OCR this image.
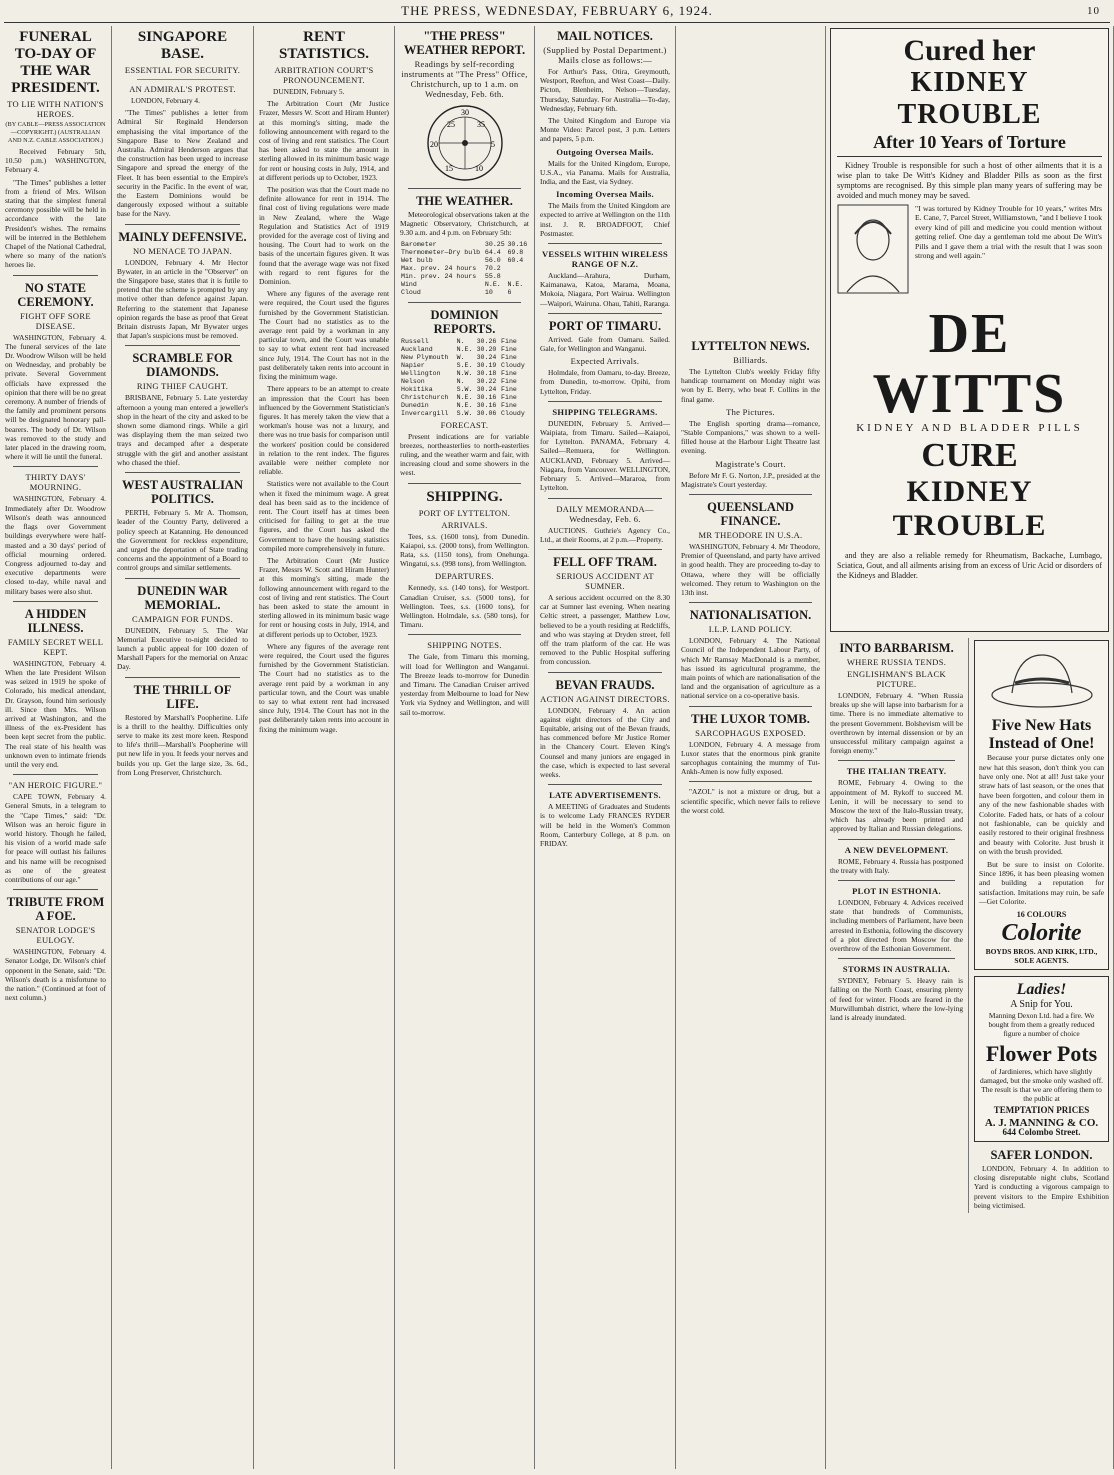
THE PRESS, WEDNESDAY, FEBRUARY 6, 1924.	10
FUNERAL TO-DAY OF THE WAR PRESIDENT.
TO LIE WITH NATION'S HEROES.
(BY CABLE—PRESS ASSOCIATION—COPYRIGHT.) (AUSTRALIAN AND N.Z. CABLE ASSOCIATION.)

Received February 5th, 10.50 p.m.) WASHINGTON, February 4.

"The Times" publishes a letter from a friend of Mrs. Wilson stating that the simplest funeral ceremony possible will be held in accordance with the late President's wishes. The remains will be interred in the Bethlehem Chapel of the National Cathedral, where so many of the nation's heroes lie.

NO STATE CEREMONY.
FIGHT OFF SORE DISEASE.

WASHINGTON, February 4. The funeral services of the late Dr. Woodrow Wilson will be held on Wednesday, and probably be private. Several Government officials have expressed the opinion that there will be no great ceremony. A number of friends of the family and prominent persons will be designated honorary pall-bearers. The body of Dr. Wilson was removed to the study and later placed in the drawing room, where it will lie until the funeral.

THIRTY DAYS' MOURNING.

WASHINGTON, February 4. Immediately after Dr. Woodrow Wilson's death was announced the flags over Government buildings everywhere were half-masted and a 30 days' period of official mourning ordered. Congress adjourned to-day and executive departments were closed to-day, while naval and military bases were also shut.

A HIDDEN ILLNESS.
FAMILY SECRET WELL KEPT.

WASHINGTON, February 4. When the late President Wilson was seized in 1919 he spoke of Colorado, his medical attendant, Dr. Grayson, found him seriously ill. Since then Mrs. Wilson arrived at Washington, and the illness of the ex-President has been kept secret from the public. The real state of his health was unknown even to intimate friends until the very end.

"AN HEROIC FIGURE."

CAPE TOWN, February 4. General Smuts, in a telegram to the "Cape Times," said: "Dr. Wilson was an heroic figure in world history. Though he failed, his vision of a world made safe for peace will outlast his failures and his name will be recognised as one of the greatest contributions of our age."

TRIBUTE FROM A FOE.
SENATOR LODGE'S EULOGY.

WASHINGTON, February 4. Senator Lodge, Dr. Wilson's chief opponent in the Senate, said: "Dr. Wilson's death is a misfortune to the nation." (Continued at foot of next column.)

SINGAPORE BASE.
ESSENTIAL FOR SECURITY.
AN ADMIRAL'S PROTEST.

LONDON, February 4.

"The Times" publishes a letter from Admiral Sir Reginald Henderson emphasising the vital importance of the Singapore Base to New Zealand and Australia. Admiral Henderson argues that the construction has been urged to increase Singapore and spread the energy of the Fleet. It has been essential to the Empire's security in the Pacific. In the event of war, the Eastern Dominions would be dangerously exposed without a suitable base for the Navy.

MAINLY DEFENSIVE.
NO MENACE TO JAPAN.

LONDON, February 4. Mr Hector Bywater, in an article in the "Observer" on the Singapore base, states that it is futile to pretend that the scheme is prompted by any motive other than defence against Japan. Referring to the statement that Japanese opinion regards the base as proof that Great Britain distrusts Japan, Mr Bywater urges that Japan's suspicions must be removed.

SCRAMBLE FOR DIAMONDS.
RING THIEF CAUGHT.

BRISBANE, February 5. Late yesterday afternoon a young man entered a jeweller's shop in the heart of the city and asked to be shown some diamond rings. While a girl was displaying them the man seized two trays and decamped after a desperate struggle with the girl and another assistant who chased the thief.

WEST AUSTRALIAN POLITICS.

PERTH, February 5. Mr A. Thomson, leader of the Country Party, delivered a policy speech at Katanning. He denounced the Government for reckless expenditure, and urged the deportation of State trading concerns and the appointment of a Board to control groups and similar settlements.

DUNEDIN WAR MEMORIAL.
CAMPAIGN FOR FUNDS.

DUNEDIN, February 5. The War Memorial Executive to-night decided to launch a public appeal for 100 dozen of Marshall Papers for the memorial on Anzac Day.

THE THRILL OF LIFE.

Restored by Marshall's Poopherine. Life is a thrill to the healthy. Difficulties only serve to make its zest more keen. Respond to life's thrill—Marshall's Poopherine will put new life in you. It feeds your nerves and builds you up. Get the large size, 3s. 6d., from Long Preserver, Christchurch.

RENT STATISTICS.
ARBITRATION COURT'S PRONOUNCEMENT.

DUNEDIN, February 5.

The Arbitration Court (Mr Justice Frazer, Messrs W. Scott and Hiram Hunter) at this morning's sitting, made the following announcement with regard to the cost of living and rent statistics. The Court has been asked to state the amount in sterling allowed in its minimum basic wage for rent or housing costs in July, 1914, and at different periods up to October, 1923.

The position was that the Court made no definite allowance for rent in 1914. The final cost of living regulations were made in New Zealand, where the Wage Regulation and Statistics Act of 1919 provided for the average cost of living and housing. The Court had to work on the basis of the uncertain figures given. It was found that the average wage was not fixed with regard to rent figures for the Dominion.

Where any figures of the average rent were required, the Court used the figures furnished by the Government Statistician. The Court had no statistics as to the average rent paid by a workman in any particular town, and the Court was unable to say to what extent rent had increased since July, 1914. The Court has not in the past deliberately taken rents into account in fixing the minimum wage.

There appears to be an attempt to create an impression that the Court has been influenced by the Government Statistician's figures. It has merely taken the view that a workman's house was not a luxury, and there was no true basis for comparison until the workers' position could be considered in relation to the rent index. The figures available were neither complete nor reliable.

Statistics were not available to the Court when it fixed the minimum wage. A great deal has been said as to the incidence of rent. The Court itself has at times been criticised for failing to get at the true figures, and the Court has asked the Government to have the housing statistics compiled more comprehensively in future.

The Arbitration Court (Mr Justice Frazer, Messrs W. Scott and Hiram Hunter) at this morning's sitting, made the following announcement with regard to the cost of living and rent statistics. The Court has been asked to state the amount in sterling allowed in its minimum basic wage for rent or housing costs in July, 1914, and at different periods up to October, 1923.

Where any figures of the average rent were required, the Court used the figures furnished by the Government Statistician. The Court had no statistics as to the average rent paid by a workman in any particular town, and the Court was unable to say to what extent rent had increased since July, 1914. The Court has not in the past deliberately taken rents into account in fixing the minimum wage.

"THE PRESS" WEATHER REPORT.
Readings by self-recording instruments at "The Press" Office, Christchurch, up to 1 a.m. on Wednesday, Feb. 6th.
25
30
35
20	5
15	10
THE WEATHER.

Meteorological observations taken at the Magnetic Observatory, Christchurch, at 9.30 a.m. and 4 p.m. on February 5th:

Barometer	30.25	30.16
Thermometer—Dry bulb	64.4	69.8
Wet bulb	56.0	60.4
Max. prev. 24 hours	70.2	
Min. prev. 24 hours	55.8	
Wind	N.E.	N.E.
Cloud	10	6
DOMINION REPORTS.
Russell	N.	30.26	Fine
Auckland	N.E.	30.20	Fine
New Plymouth	W.	30.24	Fine
Napier	S.E.	30.19	Cloudy
Wellington	N.W.	30.18	Fine
Nelson	N.	30.22	Fine
Hokitika	S.W.	30.24	Fine
Christchurch	N.E.	30.16	Fine
Dunedin	N.E.	30.16	Fine
Invercargill	S.W.	30.06	Cloudy
FORECAST.

Present indications are for variable breezes, northeasterlies to north-easterlies ruling, and the weather warm and fair, with increasing cloud and some showers in the west.

SHIPPING.
PORT OF LYTTELTON.
ARRIVALS.

Tees, s.s. (1600 tons), from Dunedin. Kaiapoi, s.s. (2000 tons), from Wellington. Rata, s.s. (1150 tons), from Onehunga. Wingatui, s.s. (998 tons), from Wellington.

DEPARTURES.

Kennedy, s.s. (140 tons), for Westport. Canadian Cruiser, s.s. (5000 tons), for Wellington. Tees, s.s. (1600 tons), for Wellington. Holmdale, s.s. (580 tons), for Timaru.

SHIPPING NOTES.

The Gale, from Timaru this morning, will load for Wellington and Wanganui. The Breeze leads to-morrow for Dunedin and Timaru. The Canadian Cruiser arrived yesterday from Melbourne to load for New York via Sydney and Wellington, and will sail to-morrow.

MAIL NOTICES.
(Supplied by Postal Department.) Mails close as follows:—

For Arthur's Pass, Otira, Greymouth, Westport, Reefton, and West Coast—Daily. Picton, Blenheim, Nelson—Tuesday, Thursday, Saturday. For Australia—To-day, Wednesday, February 6th.

The United Kingdom and Europe via Monte Video: Parcel post, 3 p.m. Letters and papers, 5 p.m.

Outgoing Oversea Mails.

Mails for the United Kingdom, Europe, U.S.A., via Panama. Mails for Australia, India, and the East, via Sydney.

Incoming Oversea Mails.

The Mails from the United Kingdom are expected to arrive at Wellington on the 11th inst. J. R. BROADFOOT, Chief Postmaster.

VESSELS WITHIN WIRELESS RANGE OF N.Z.

Auckland—Arahura, Durham, Kaimanawa, Katoa, Marama, Moana, Mokoia, Niagara, Port Wairua. Wellington—Waipori, Wairuna. Ohau, Tahiti, Raranga.

PORT OF TIMARU.

Arrived. Gale from Oamaru. Sailed. Gale, for Wellington and Wanganui.

Expected Arrivals.

Holmdale, from Oamaru, to-day. Breeze, from Dunedin, to-morrow. Opihi, from Lyttelton, Friday.

SHIPPING TELEGRAMS.

DUNEDIN, February 5. Arrived—Waipiata, from Timaru. Sailed—Kaiapoi, for Lyttelton. PANAMA, February 4. Sailed—Remuera, for Wellington. AUCKLAND, February 5. Arrived—Niagara, from Vancouver. WELLINGTON, February 5. Arrived—Mararoa, from Lyttelton.

DAILY MEMORANDA—Wednesday, Feb. 6.

AUCTIONS. Guthrie's Agency Co., Ltd., at their Rooms, at 2 p.m.—Property.

FELL OFF TRAM.
SERIOUS ACCIDENT AT SUMNER.

A serious accident occurred on the 8.30 car at Sumner last evening. When nearing Celtic street, a passenger, Matthew Low, believed to be a youth residing at Redcliffs, and who was staying at Dryden street, fell off the tram platform of the car. He was removed to the Public Hospital suffering from concussion.

BEVAN FRAUDS.
ACTION AGAINST DIRECTORS.

LONDON, February 4. An action against eight directors of the City and Equitable, arising out of the Bevan frauds, has commenced before Mr Justice Romer in the Chancery Court. Eleven King's Counsel and many juniors are engaged in the case, which is expected to last several weeks.

LATE ADVERTISEMENTS.

A MEETING of Graduates and Students is to welcome Lady FRANCES RYDER will be held in the Women's Common Room, Canterbury College, at 8 p.m. on FRIDAY.

LYTTELTON NEWS.
Billiards.

The Lyttelton Club's weekly Friday fifty handicap tournament on Monday night was won by E. Berry, who beat F. Collins in the final game.

The Pictures.

The English sporting drama—romance, "Stable Companions," was shown to a well-filled house at the Harbour Light Theatre last evening.

Magistrate's Court.

Before Mr F. G. Norton, J.P., presided at the Magistrate's Court yesterday.

QUEENSLAND FINANCE.
MR THEODORE IN U.S.A.

WASHINGTON, February 4. Mr Theodore, Premier of Queensland, and party have arrived in good health. They are proceeding to-day to Ottawa, where they will be officially welcomed. They return to Washington on the 13th inst.

NATIONALISATION.
I.L.P. LAND POLICY.

LONDON, February 4. The National Council of the Independent Labour Party, of which Mr Ramsay MacDonald is a member, has issued its agricultural programme, the main points of which are nationalisation of the land and the organisation of agriculture as a national service on a co-operative basis.

THE LUXOR TOMB.
SARCOPHAGUS EXPOSED.

LONDON, February 4. A message from Luxor states that the enormous pink granite sarcophagus containing the mummy of Tut-Ankh-Amen is now fully exposed.

"AZOL" is not a mixture or drug, but a scientific specific, which never fails to relieve the worst cold.

Cured her
KIDNEY TROUBLE
After 10 Years of Torture

Kidney Trouble is responsible for such a host of other ailments that it is a wise plan to take De Witt's Kidney and Bladder Pills as soon as the first symptoms are recognised. By this simple plan many years of suffering may be avoided and much money may be saved.

"I was tortured by Kidney Trouble for 10 years," writes Mrs E. Cane, 7, Parcel Street, Williamstown, "and I believe I took every kind of pill and medicine you could mention without getting relief. One day a gentleman told me about De Witt's Pills and I gave them a trial with the result that I was soon strong and well again."

DE WITTS
KIDNEY AND BLADDER PILLS
CURE
KIDNEY TROUBLE

and they are also a reliable remedy for Rheumatism, Backache, Lumbago, Sciatica, Gout, and all ailments arising from an excess of Uric Acid or disorders of the Kidneys and Bladder.

INTO BARBARISM.
WHERE RUSSIA TENDS.
ENGLISHMAN'S BLACK PICTURE.

LONDON, February 4. "When Russia breaks up she will lapse into barbarism for a time. There is no immediate alternative to the present Government. Bolshevism will be overthrown by internal dissension or by an unsuccessful military campaign against a foreign enemy."

THE ITALIAN TREATY.

ROME, February 4. Owing to the appointment of M. Rykoff to succeed M. Lenin, it will be necessary to send to Moscow the text of the Italo-Russian treaty, which has already been printed and approved by Italian and Russian delegations.

A NEW DEVELOPMENT.

ROME, February 4. Russia has postponed the treaty with Italy.

PLOT IN ESTHONIA.

LONDON, February 4. Advices received state that hundreds of Communists, including members of Parliament, have been arrested in Esthonia, following the discovery of a plot directed from Moscow for the overthrow of the Esthonian Government.

STORMS IN AUSTRALIA.

SYDNEY, February 5. Heavy rain is falling on the North Coast, ensuring plenty of feed for winter. Floods are feared in the Murwillumbah district, where the low-lying land is already inundated.

Five New Hats Instead of One!

Because your purse dictates only one new hat this season, don't think you can have only one. Not at all! Just take your straw hats of last season, or the ones that have been forgotten, and colour them in any of the new fashionable shades with Colorite. Faded hats, or hats of a colour not fashionable, can be quickly and easily restored to their original freshness and beauty with Colorite. Just brush it on with the brush provided.

But be sure to insist on Colorite. Since 1896, it has been pleasing women and building a reputation for satisfaction. Imitations may ruin, be safe—Get Colorite.

16 COLOURS
Colorite
BOYDS BROS. AND KIRK, LTD., SOLE AGENTS.
Ladies!
A Snip for You.

Manning Dexon Ltd. had a fire. We bought from them a greatly reduced figure a number of choice

Flower Pots

of Jardinieres, which have slightly damaged, but the smoke only washed off. The result is that we are offering them to the public at

TEMPTATION PRICES
A. J. MANNING & CO.
644 Colombo Street.
SAFER LONDON.

LONDON, February 4. In addition to closing disreputable night clubs, Scotland Yard is conducting a vigorous campaign to prevent visitors to the Empire Exhibition being victimised.
